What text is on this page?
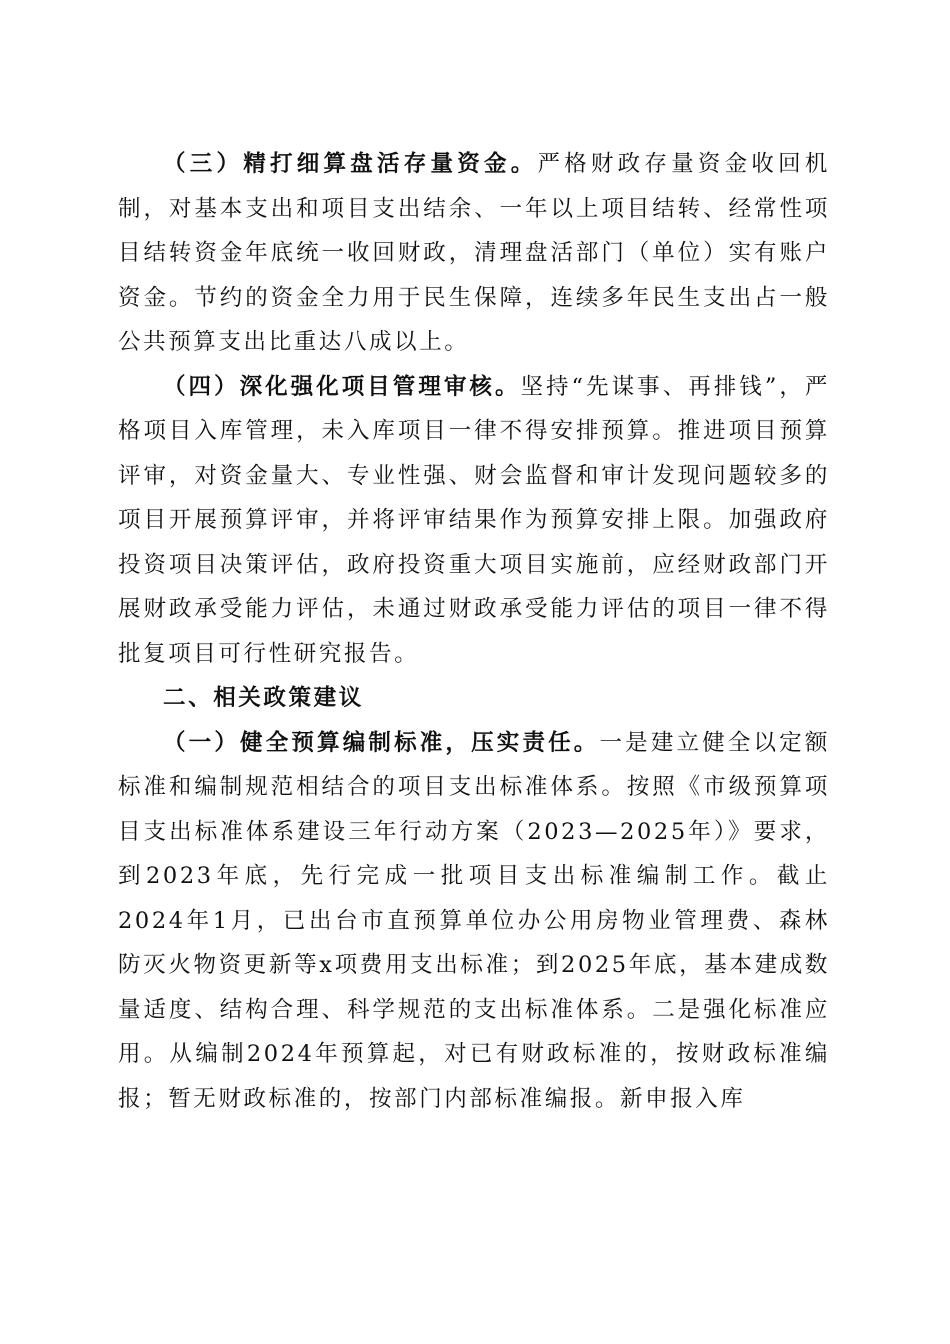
（三）精打细算盘活存量资金。严格财政存量资金收回机制，对基本支出和项目支出结余、一年以上项目结转、经常性项目结转资金年底统一收回财政，清理盘活部门（单位）实有账户资金。节约的资金全力用于民生保障，连续多年民生支出占一般公共预算支出比重达八成以上。

（四）深化强化项目管理审核。坚持“先谋事、再排钱”，严格项目入库管理，未入库项目一律不得安排预算。推进项目预算评审，对资金量大、专业性强、财会监督和审计发现问题较多的项目开展预算评审，并将评审结果作为预算安排上限。加强政府投资项目决策评估，政府投资重大项目实施前，应经财政部门开展财政承受能力评估，未通过财政承受能力评估的项目一律不得批复项目可行性研究报告。

二、相关政策建议

（一）健全预算编制标准，压实责任。一是建立健全以定额标准和编制规范相结合的项目支出标准体系。按照《市级预算项目支出标准体系建设三年行动方案（2023—2025年）》要求，到2023年底，先行完成一批项目支出标准编制工作。截止2024年1月，已出台市直预算单位办公用房物业管理费、森林防灭火物资更新等x项费用支出标准；到2025年底，基本建成数量适度、结构合理、科学规范的支出标准体系。二是强化标准应用。从编制2024年预算起，对已有财政标准的，按财政标准编报；暂无财政标准的，按部门内部标准编报。新申报入库
